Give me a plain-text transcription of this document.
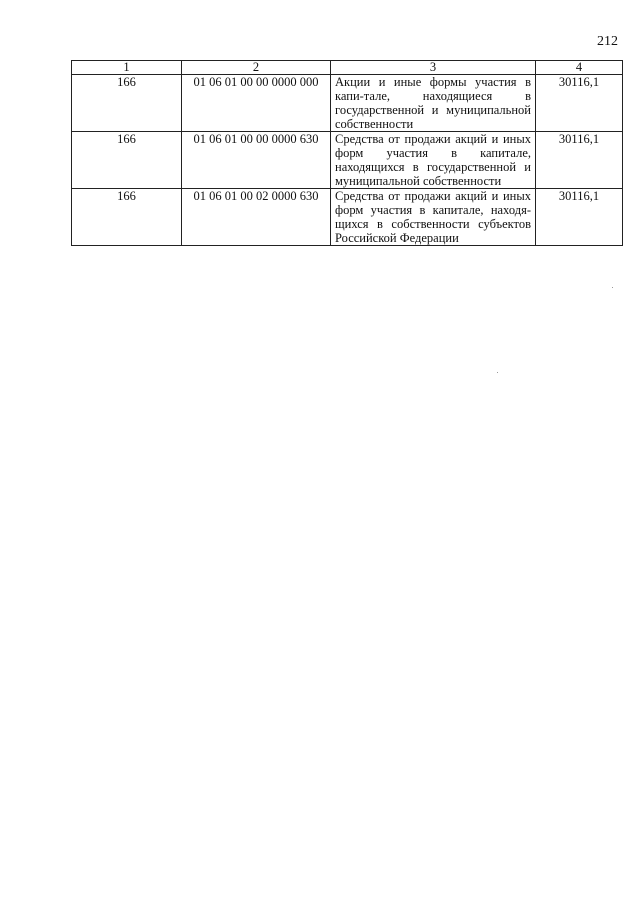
212
1	2	3	4
166	01 06 01 00 00 0000 000	Акции и иные формы участия в капи-тале, находящиеся в государственной и муниципальной собственности	30116,1
166	01 06 01 00 00 0000 630	Средства от продажи акций и иных форм участия в капитале, находящихся в государственной и муниципальной собственности	30116,1
166	01 06 01 00 02 0000 630	Средства от продажи акций и иных форм участия в капитале, находя-щихся в собственности субъектов Российской Федерации	30116,1
